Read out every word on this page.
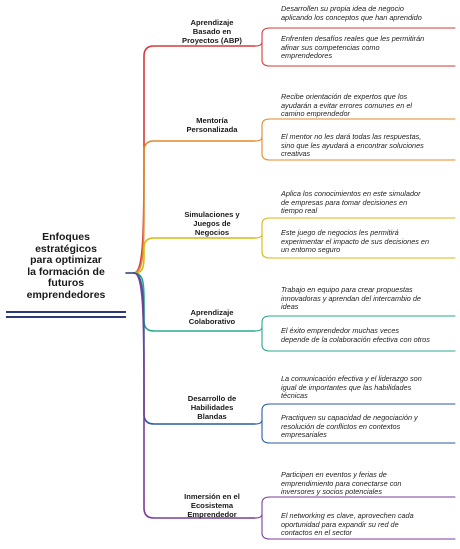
Enfoques
estratégicos
para optimizar
la formación de
futuros
emprendedores
Aprendizaje
Basado en
Proyectos (ABP)
Desarrollen su propia idea de negocio
aplicando los conceptos que han aprendido
Enfrenten desafíos reales que les permitirán
afinar sus competencias como
emprendedores
Mentoría
Personalizada
Recibe orientación de expertos que los
ayudarán a evitar errores comunes en el
camino emprendedor
El mentor no les dará todas las respuestas,
sino que les ayudará a encontrar soluciones
creativas
Simulaciones y
Juegos de
Negocios
Aplica los conocimientos en este simulador
de empresas para tomar decisiones en
tiempo real
Este juego de negocios les permitirá
experimentar el impacto de sus decisiones en
un entorno seguro
Aprendizaje
Colaborativo
Trabajo en equipo para crear propuestas
innovadoras y aprendan del intercambio de
ideas
El éxito emprendedor muchas veces
depende de la colaboración efectiva con otros
Desarrollo de
Habilidades
Blandas
La comunicación efectiva y el liderazgo son
igual de importantes que las habilidades
técnicas
Practiquen su capacidad de negociación y
resolución de conflictos en contextos
empresariales
Inmersión en el
Ecosistema
Emprendedor
Participen en eventos y ferias de
emprendimiento para conectarse con
inversores y socios potenciales
El networking es clave, aprovechen cada
oportunidad para expandir su red de
contactos en el sector
